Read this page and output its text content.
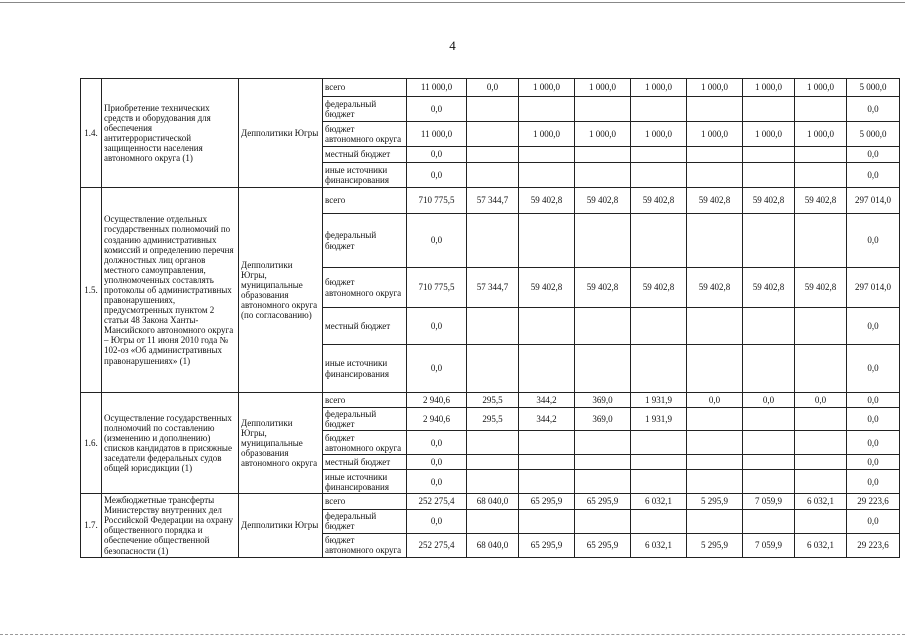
4
1.4.	Приобретение технических средств и оборудования для обеспечения антитеррористической защищенности населения автономного округа (1)	Депполитики Югры	всего	11 000,0	0,0	1 000,0	1 000,0	1 000,0	1 000,0	1 000,0	1 000,0	5 000,0
			федеральный бюджет	0,0								0,0
			бюджет автономного округа	11 000,0		1 000,0	1 000,0	1 000,0	1 000,0	1 000,0	1 000,0	5 000,0
			местный бюджет	0,0								0,0
			иные источники финансирования	0,0								0,0
1.5.	Осуществление отдельных государственных полномочий по созданию административных комиссий и определению перечня должностных лиц органов местного самоуправления, уполномоченных составлять протоколы об административных правонарушениях, предусмотренных пунктом 2 статьи 48 Закона Ханты-Мансийского автономного округа – Югры от 11 июня 2010 года № 102-оз «Об административных правонарушениях» (1)	Депполитики Югры, муниципальные образования автономного округа (по согласованию)	всего	710 775,5	57 344,7	59 402,8	59 402,8	59 402,8	59 402,8	59 402,8	59 402,8	297 014,0
			федеральный бюджет	0,0								0,0
			бюджет автономного округа	710 775,5	57 344,7	59 402,8	59 402,8	59 402,8	59 402,8	59 402,8	59 402,8	297 014,0
			местный бюджет	0,0								0,0
			иные источники финансирования	0,0								0,0
1.6.	Осуществление государственных полномочий по составлению (изменению и дополнению) списков кандидатов в присяжные заседатели федеральных судов общей юрисдикции (1)	Депполитики Югры, муниципальные образования автономного округа	всего	2 940,6	295,5	344,2	369,0	1 931,9	0,0	0,0	0,0	0,0
			федеральный бюджет	2 940,6	295,5	344,2	369,0	1 931,9				0,0
			бюджет автономного округа	0,0								0,0
			местный бюджет	0,0								0,0
			иные источники финансирования	0,0								0,0
1.7.	Межбюджетные трансферты Министерству внутренних дел Российской Федерации на охрану общественного порядка и обеспечение общественной безопасности (1)	Депполитики Югры	всего	252 275,4	68 040,0	65 295,9	65 295,9	6 032,1	5 295,9	7 059,9	6 032,1	29 223,6
			федеральный бюджет	0,0								0,0
			бюджет автономного округа	252 275,4	68 040,0	65 295,9	65 295,9	6 032,1	5 295,9	7 059,9	6 032,1	29 223,6
